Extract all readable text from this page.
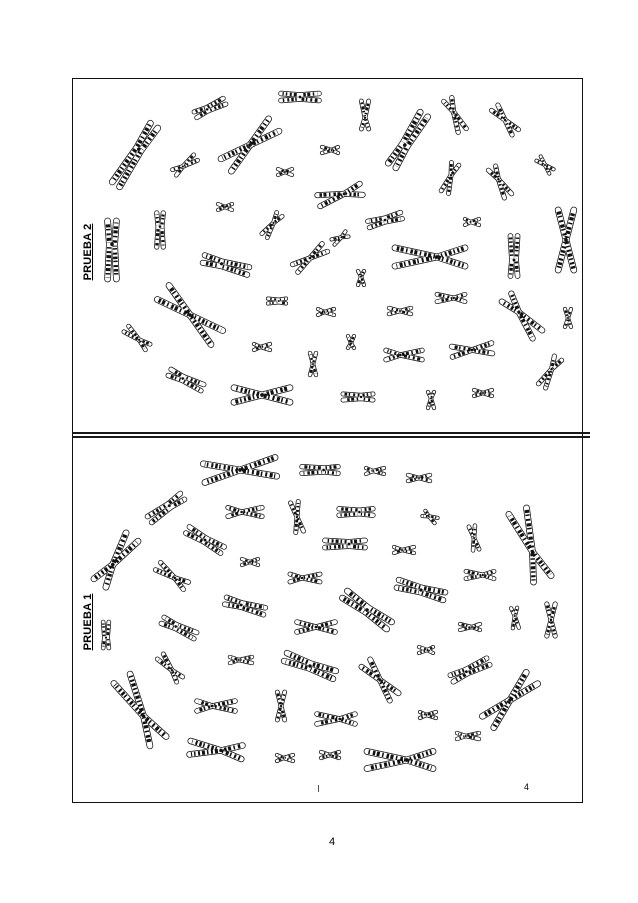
PRUEBA 2
PRUEBA 1
4
4
